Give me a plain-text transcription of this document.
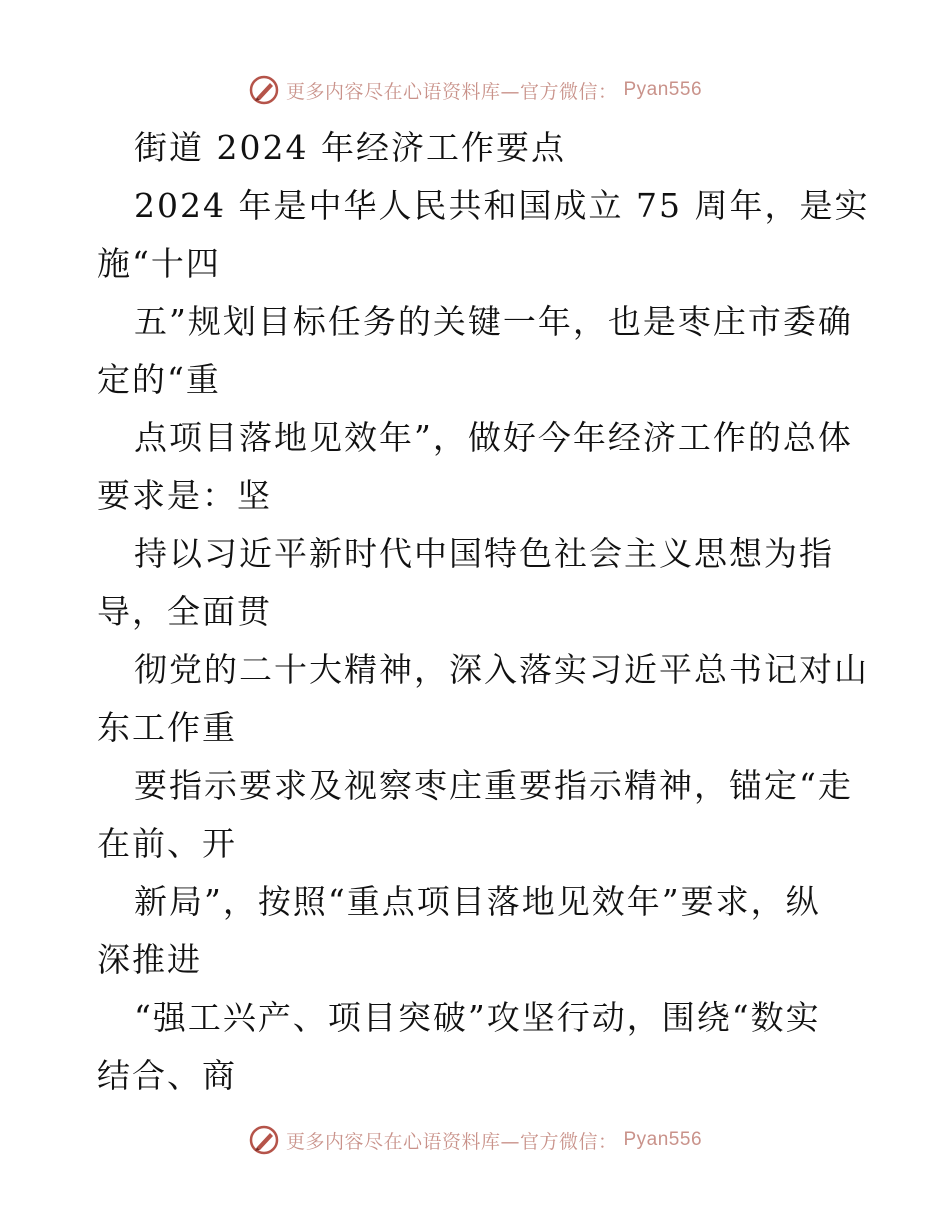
更多内容尽在心语资料库—官方微信： Pyan556
街道 2024 年经济工作要点
2024 年是中华人民共和国成立 75 周年，是实
施“十四
五”规划目标任务的关键一年，也是枣庄市委确
定的“重
点项目落地见效年”，做好今年经济工作的总体
要求是：坚
持以习近平新时代中国特色社会主义思想为指
导，全面贯
彻党的二十大精神，深入落实习近平总书记对山
东工作重
要指示要求及视察枣庄重要指示精神，锚定“走
在前、开
新局”，按照“重点项目落地见效年”要求，纵
深推进
“强工兴产、项目突破”攻坚行动，围绕“数实
结合、商
更多内容尽在心语资料库—官方微信： Pyan556
